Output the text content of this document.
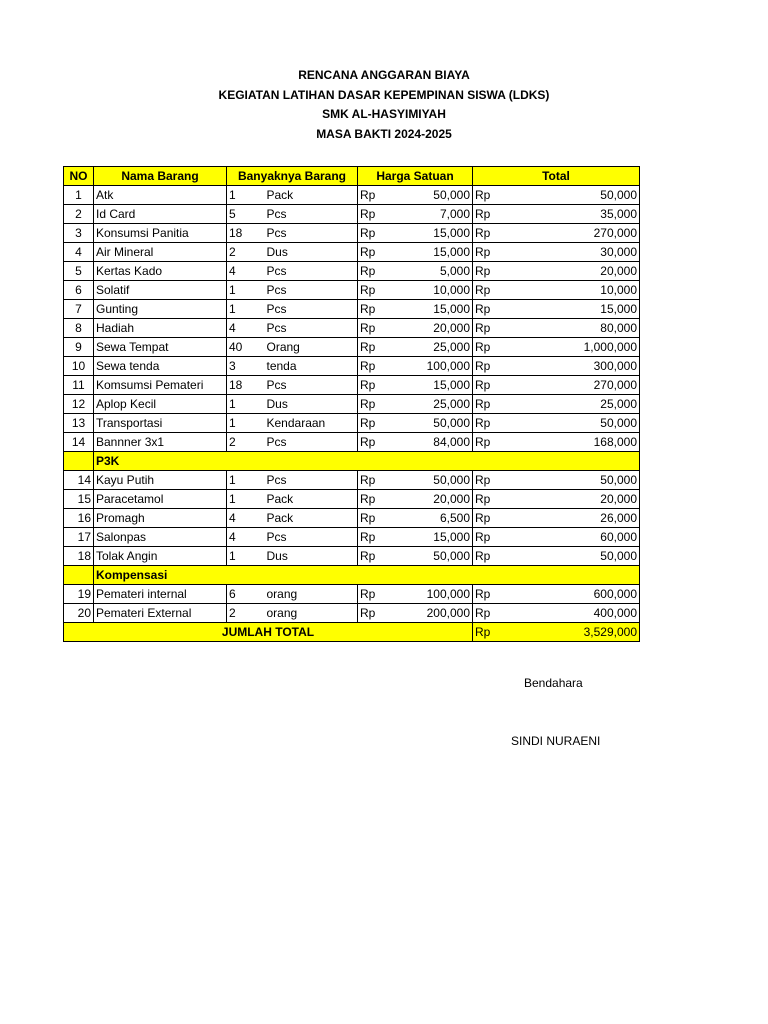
RENCANA ANGGARAN BIAYA
KEGIATAN LATIHAN DASAR KEPEMPINAN SISWA (LDKS)
SMK AL-HASYIMIYAH
MASA BAKTI 2024-2025
NO	Nama Barang	Banyaknya Barang		Harga Satuan		Total	
1	Atk	1	Pack	Rp	50,000	Rp	50,000
2	Id Card	5	Pcs	Rp	7,000	Rp	35,000
3	Konsumsi Panitia	18	Pcs	Rp	15,000	Rp	270,000
4	Air Mineral	2	Dus	Rp	15,000	Rp	30,000
5	Kertas Kado	4	Pcs	Rp	5,000	Rp	20,000
6	Solatif	1	Pcs	Rp	10,000	Rp	10,000
7	Gunting	1	Pcs	Rp	15,000	Rp	15,000
8	Hadiah	4	Pcs	Rp	20,000	Rp	80,000
9	Sewa Tempat	40	Orang	Rp	25,000	Rp	1,000,000
10	Sewa tenda	3	tenda	Rp	100,000	Rp	300,000
11	Komsumsi Pemateri	18	Pcs	Rp	15,000	Rp	270,000
12	Aplop Kecil	1	Dus	Rp	25,000	Rp	25,000
13	Transportasi	1	Kendaraan	Rp	50,000	Rp	50,000
14	Bannner 3x1	2	Pcs	Rp	84,000	Rp	168,000
	P3K						
14	Kayu Putih	1	Pcs	Rp	50,000	Rp	50,000
15	Paracetamol	1	Pack	Rp	20,000	Rp	20,000
16	Promagh	4	Pack	Rp	6,500	Rp	26,000
17	Salonpas	4	Pcs	Rp	15,000	Rp	60,000
18	Tolak Angin	1	Dus	Rp	50,000	Rp	50,000
	Kompensasi						
19	Pemateri internal	6	orang	Rp	100,000	Rp	600,000
20	Pemateri External	2	orang	Rp	200,000	Rp	400,000
JUMLAH TOTAL						Rp	3,529,000
Bendahara
SINDI NURAENI
